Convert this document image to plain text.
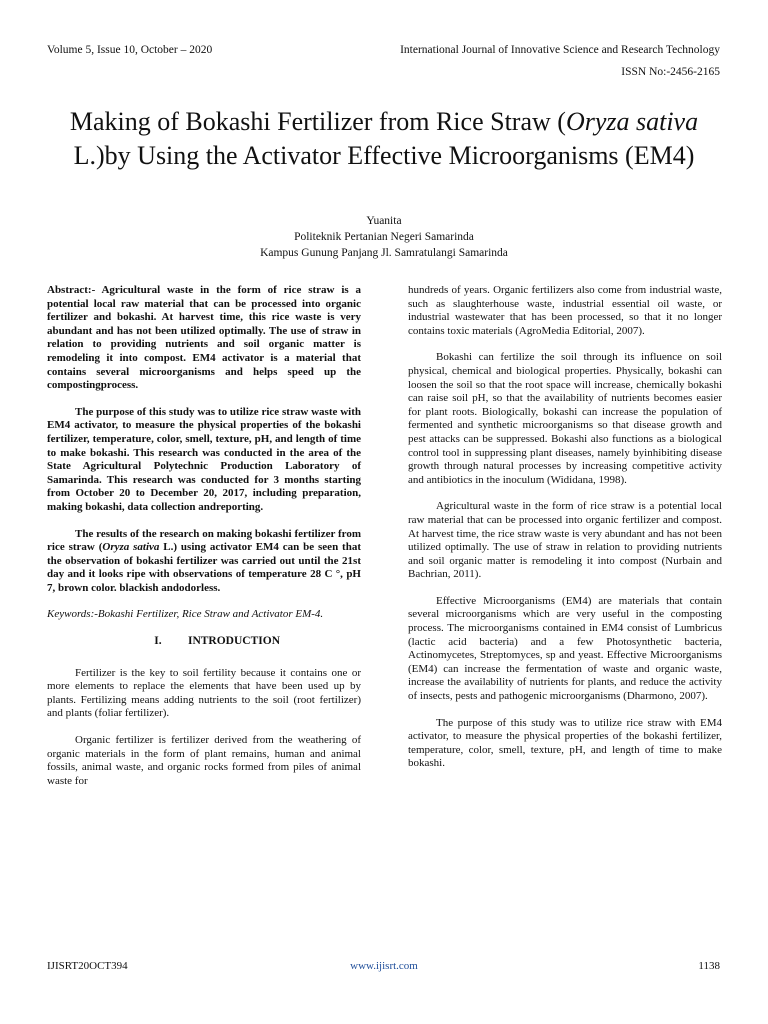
Volume 5, Issue 10, October – 2020	International Journal of Innovative Science and Research Technology
ISSN No:-2456-2165
Making of Bokashi Fertilizer from Rice Straw (Oryza sativa L.)by Using the Activator Effective Microorganisms (EM4)
Yuanita
Politeknik Pertanian Negeri Samarinda
Kampus Gunung Panjang Jl. Samratulangi Samarinda

Abstract:- Agricultural waste in the form of rice straw is a potential local raw material that can be processed into organic fertilizer and bokashi. At harvest time, this rice waste is very abundant and has not been utilized optimally. The use of straw in relation to providing nutrients and soil organic matter is remodeling it into compost. EM4 activator is a material that contains several microorganisms and helps speed up the compostingprocess.

The purpose of this study was to utilize rice straw waste with EM4 activator, to measure the physical properties of the bokashi fertilizer, temperature, color, smell, texture, pH, and length of time to make bokashi. This research was conducted in the area of the State Agricultural Polytechnic Production Laboratory of Samarinda. This research was conducted for 3 months starting from October 20 to December 20, 2017, including preparation, making bokashi, data collection andreporting.

The results of the research on making bokashi fertilizer from rice straw (Oryza sativa L.) using activator EM4 can be seen that the observation of bokashi fertilizer was carried out until the 21st day and it looks ripe with observations of temperature 28 C °, pH 7, brown color. blackish andodorless.

Keywords:-Bokashi Fertilizer, Rice Straw and Activator EM-4.

I. INTRODUCTION

Fertilizer is the key to soil fertility because it contains one or more elements to replace the elements that have been used up by plants. Fertilizing means adding nutrients to the soil (root fertilizer) and plants (foliar fertilizer).

Organic fertilizer is fertilizer derived from the weathering of organic materials in the form of plant remains, human and animal fossils, animal waste, and organic rocks formed from piles of animal waste for

hundreds of years. Organic fertilizers also come from industrial waste, such as slaughterhouse waste, industrial essential oil waste, or industrial wastewater that has been processed, so that it no longer contains toxic materials (AgroMedia Editorial, 2007).

Bokashi can fertilize the soil through its influence on soil physical, chemical and biological properties. Physically, bokashi can loosen the soil so that the root space will increase, chemically bokashi can raise soil pH, so that the availability of nutrients becomes easier for plant roots. Biologically, bokashi can increase the population of fermented and synthetic microorganisms so that disease growth and pest attacks can be suppressed. Bokashi also functions as a biological control tool in suppressing plant diseases, namely byinhibiting disease growth through natural processes by increasing competitive activity and antibiotics in the inoculum (Wididana, 1998).

Agricultural waste in the form of rice straw is a potential local raw material that can be processed into organic fertilizer and compost. At harvest time, the rice straw waste is very abundant and has not been utilized optimally. The use of straw in relation to providing nutrients and soil organic matter is remodeling it into compost (Nurbain and Bachrian, 2011).

Effective Microorganisms (EM4) are materials that contain several microorganisms which are very useful in the composting process. The microorganisms contained in EM4 consist of Lumbricus (lactic acid bacteria) and a few Photosynthetic bacteria, Actinomycetes, Streptomyces, sp and yeast. Effective Microorganisms (EM4) can increase the fermentation of waste and organic waste, increase the availability of nutrients for plants, and reduce the activity of insects, pests and pathogenic microorganisms (Dharmono, 2007).

The purpose of this study was to utilize rice straw with EM4 activator, to measure the physical properties of the bokashi fertilizer, temperature, color, smell, texture, pH, and length of time to make bokashi.

IJISRT20OCT394	www.ijisrt.com	1138
